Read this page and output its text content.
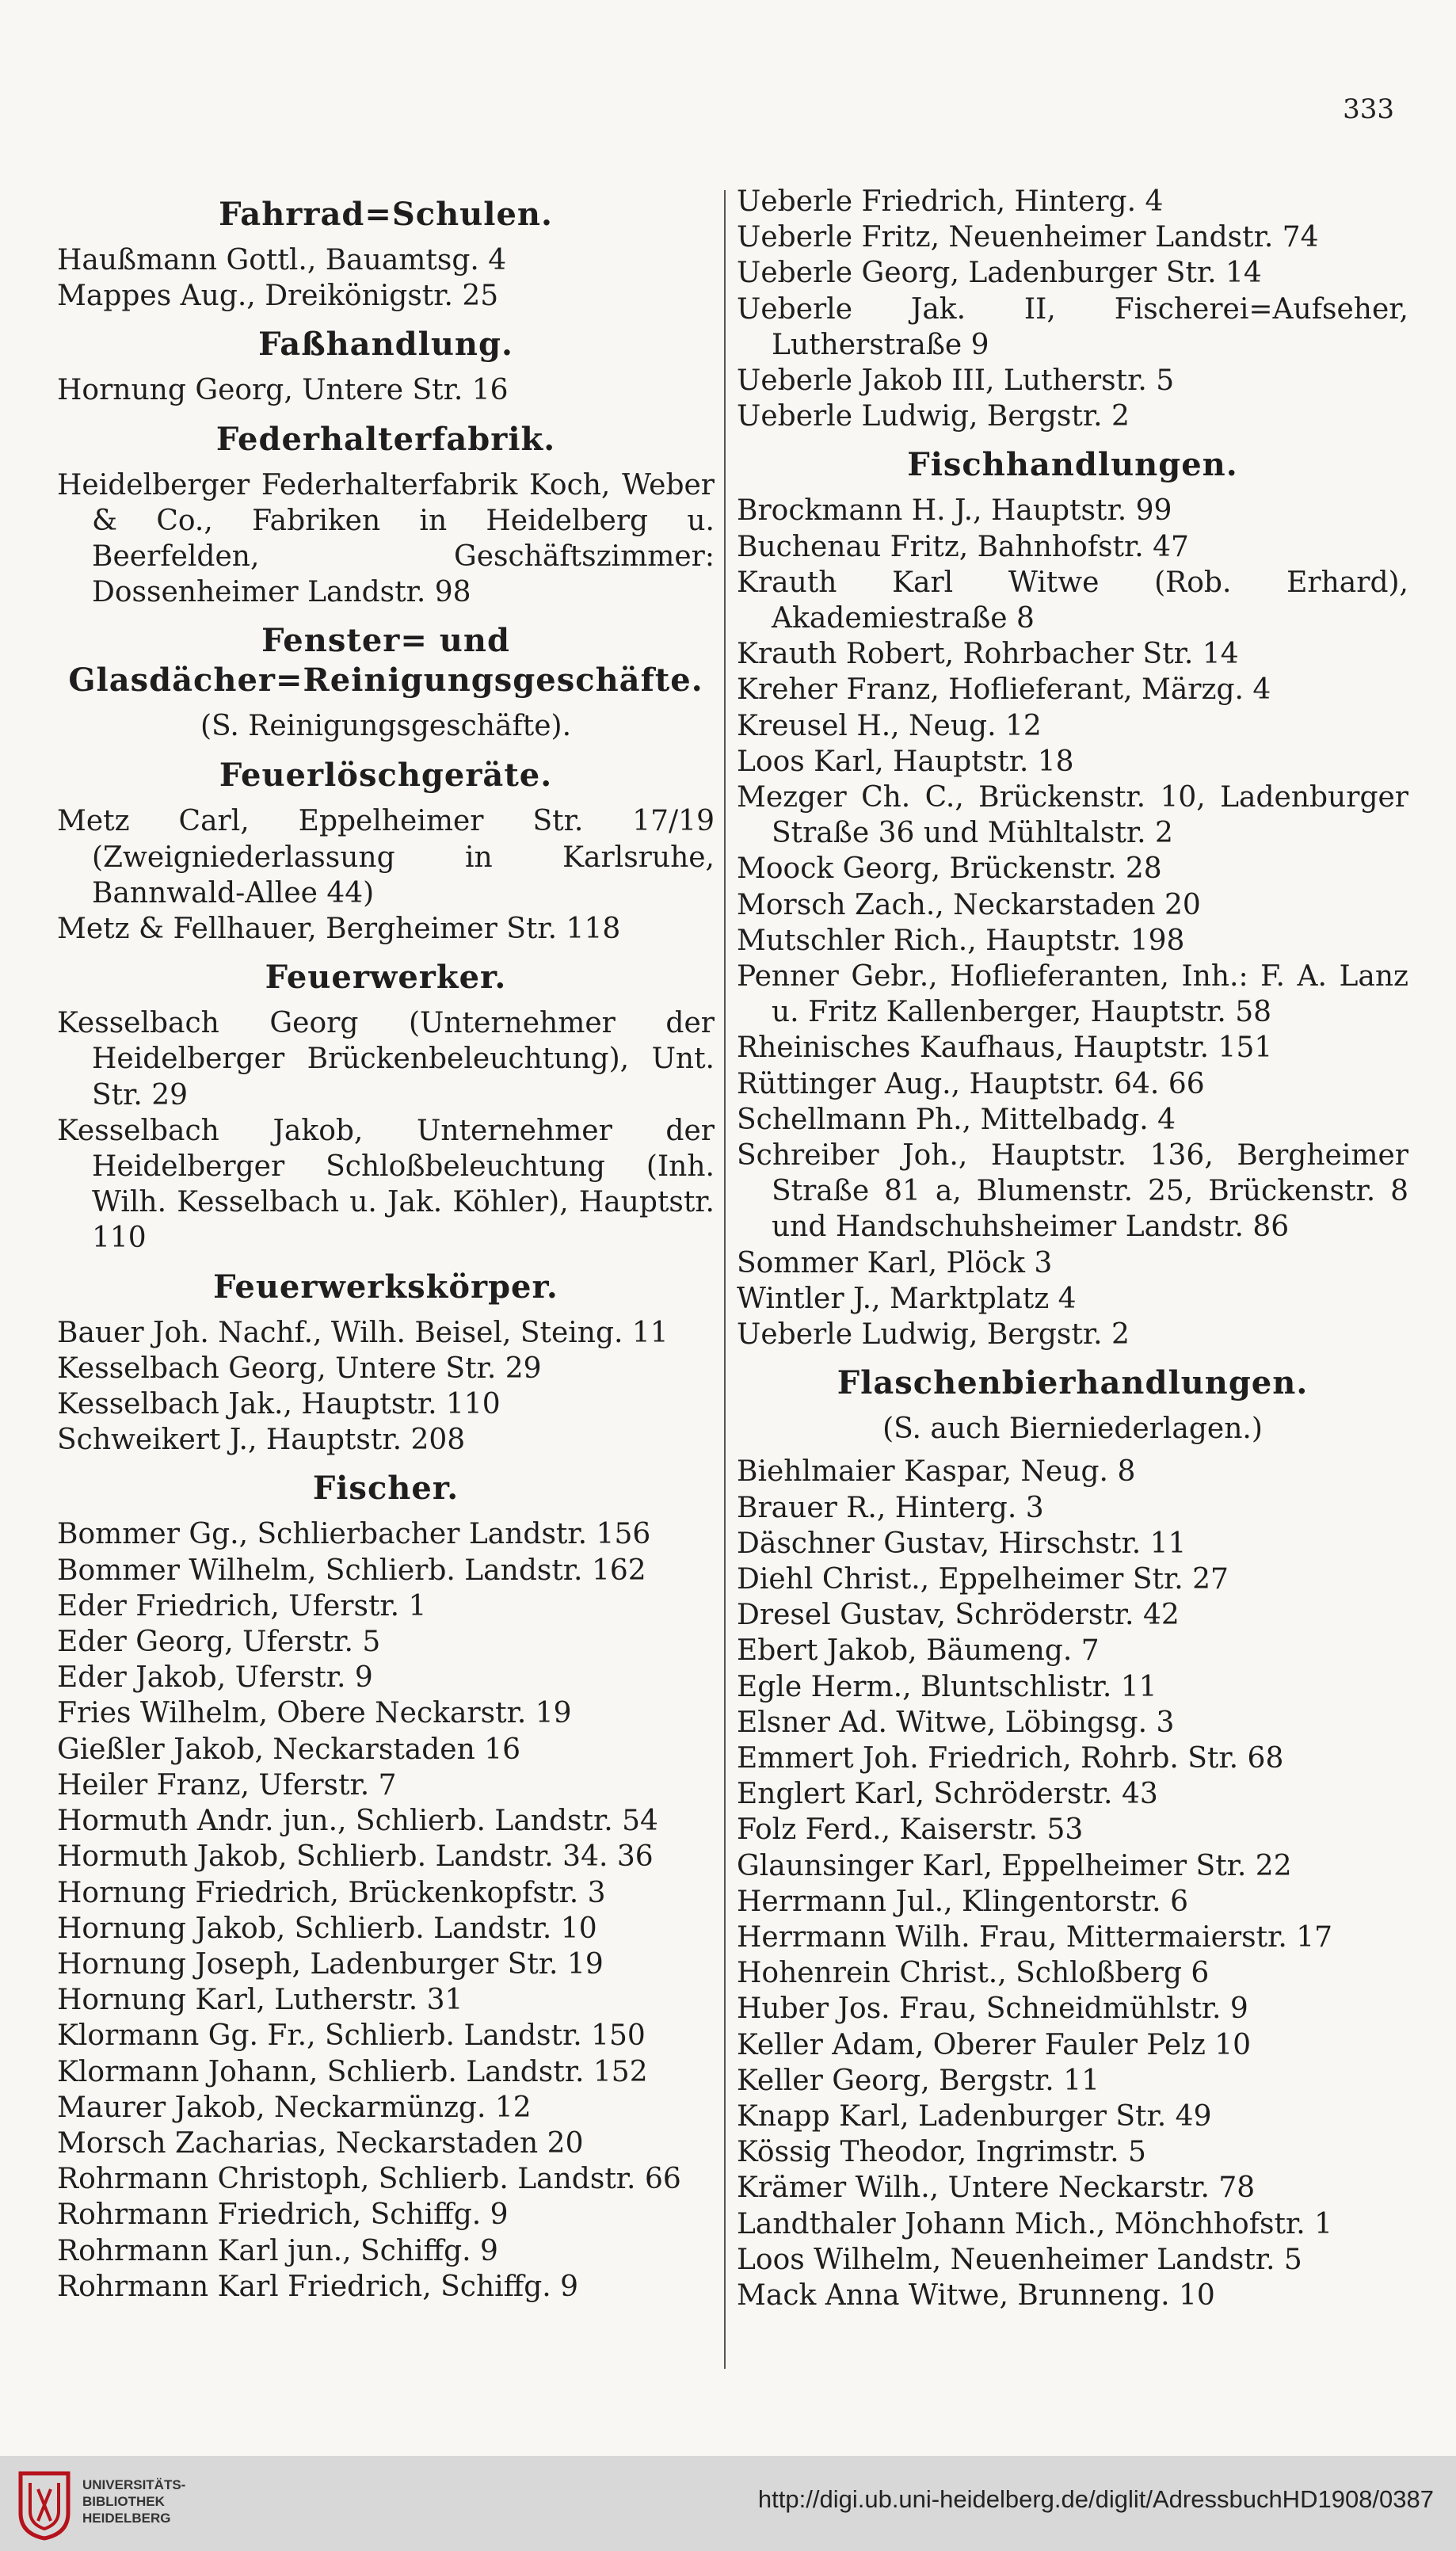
333
Fahrrad=Schulen.

Haußmann Gottl., Bauamtsg. 4

Mappes Aug., Dreikönigstr. 25

Faßhandlung.

Hornung Georg, Untere Str. 16

Federhalterfabrik.

Heidelberger Federhalterfabrik Koch, Weber & Co., Fabriken in Heidelberg u. Beerfelden, Geschäftszimmer: Dossenheimer Landstr. 98

Fenster= und Glasdächer=Reinigungsgeschäfte.
(S. Reinigungsgeschäfte).
Feuerlöschgeräte.

Metz Carl, Eppelheimer Str. 17/19 (Zweigniederlassung in Karlsruhe, Bannwald-Allee 44)

Metz & Fellhauer, Bergheimer Str. 118

Feuerwerker.

Kesselbach Georg (Unternehmer der Heidelberger Brückenbeleuchtung), Unt. Str. 29

Kesselbach Jakob, Unternehmer der Heidelberger Schloßbeleuchtung (Inh. Wilh. Kesselbach u. Jak. Köhler), Hauptstr. 110

Feuerwerkskörper.

Bauer Joh. Nachf., Wilh. Beisel, Steing. 11

Kesselbach Georg, Untere Str. 29

Kesselbach Jak., Hauptstr. 110

Schweikert J., Hauptstr. 208

Fischer.

Bommer Gg., Schlierbacher Landstr. 156

Bommer Wilhelm, Schlierb. Landstr. 162

Eder Friedrich, Uferstr. 1

Eder Georg, Uferstr. 5

Eder Jakob, Uferstr. 9

Fries Wilhelm, Obere Neckarstr. 19

Gießler Jakob, Neckarstaden 16

Heiler Franz, Uferstr. 7

Hormuth Andr. jun., Schlierb. Landstr. 54

Hormuth Jakob, Schlierb. Landstr. 34. 36

Hornung Friedrich, Brückenkopfstr. 3

Hornung Jakob, Schlierb. Landstr. 10

Hornung Joseph, Ladenburger Str. 19

Hornung Karl, Lutherstr. 31

Klormann Gg. Fr., Schlierb. Landstr. 150

Klormann Johann, Schlierb. Landstr. 152

Maurer Jakob, Neckarmünzg. 12

Morsch Zacharias, Neckarstaden 20

Rohrmann Christoph, Schlierb. Landstr. 66

Rohrmann Friedrich, Schiffg. 9

Rohrmann Karl jun., Schiffg. 9

Rohrmann Karl Friedrich, Schiffg. 9

Ueberle Friedrich, Hinterg. 4

Ueberle Fritz, Neuenheimer Landstr. 74

Ueberle Georg, Ladenburger Str. 14

Ueberle Jak. II, Fischerei=Aufseher, Lutherstraße 9

Ueberle Jakob III, Lutherstr. 5

Ueberle Ludwig, Bergstr. 2

Fischhandlungen.

Brockmann H. J., Hauptstr. 99

Buchenau Fritz, Bahnhofstr. 47

Krauth Karl Witwe (Rob. Erhard), Akademiestraße 8

Krauth Robert, Rohrbacher Str. 14

Kreher Franz, Hoflieferant, Märzg. 4

Kreusel H., Neug. 12

Loos Karl, Hauptstr. 18

Mezger Ch. C., Brückenstr. 10, Ladenburger Straße 36 und Mühltalstr. 2

Moock Georg, Brückenstr. 28

Morsch Zach., Neckarstaden 20

Mutschler Rich., Hauptstr. 198

Penner Gebr., Hoflieferanten, Inh.: F. A. Lanz u. Fritz Kallenberger, Hauptstr. 58

Rheinisches Kaufhaus, Hauptstr. 151

Rüttinger Aug., Hauptstr. 64. 66

Schellmann Ph., Mittelbadg. 4

Schreiber Joh., Hauptstr. 136, Bergheimer Straße 81 a, Blumenstr. 25, Brückenstr. 8 und Handschuhsheimer Landstr. 86

Sommer Karl, Plöck 3

Wintler J., Marktplatz 4

Ueberle Ludwig, Bergstr. 2

Flaschenbierhandlungen.
(S. auch Bierniederlagen.)

Biehlmaier Kaspar, Neug. 8

Brauer R., Hinterg. 3

Däschner Gustav, Hirschstr. 11

Diehl Christ., Eppelheimer Str. 27

Dresel Gustav, Schröderstr. 42

Ebert Jakob, Bäumeng. 7

Egle Herm., Bluntschlistr. 11

Elsner Ad. Witwe, Löbingsg. 3

Emmert Joh. Friedrich, Rohrb. Str. 68

Englert Karl, Schröderstr. 43

Folz Ferd., Kaiserstr. 53

Glaunsinger Karl, Eppelheimer Str. 22

Herrmann Jul., Klingentorstr. 6

Herrmann Wilh. Frau, Mittermaierstr. 17

Hohenrein Christ., Schloßberg 6

Huber Jos. Frau, Schneidmühlstr. 9

Keller Adam, Oberer Fauler Pelz 10

Keller Georg, Bergstr. 11

Knapp Karl, Ladenburger Str. 49

Kössig Theodor, Ingrimstr. 5

Krämer Wilh., Untere Neckarstr. 78

Landthaler Johann Mich., Mönchhofstr. 1

Loos Wilhelm, Neuenheimer Landstr. 5

Mack Anna Witwe, Brunneng. 10

UNIVERSITÄTS-
BIBLIOTHEK
HEIDELBERG
http://digi.ub.uni-heidelberg.de/diglit/AdressbuchHD1908/0387
